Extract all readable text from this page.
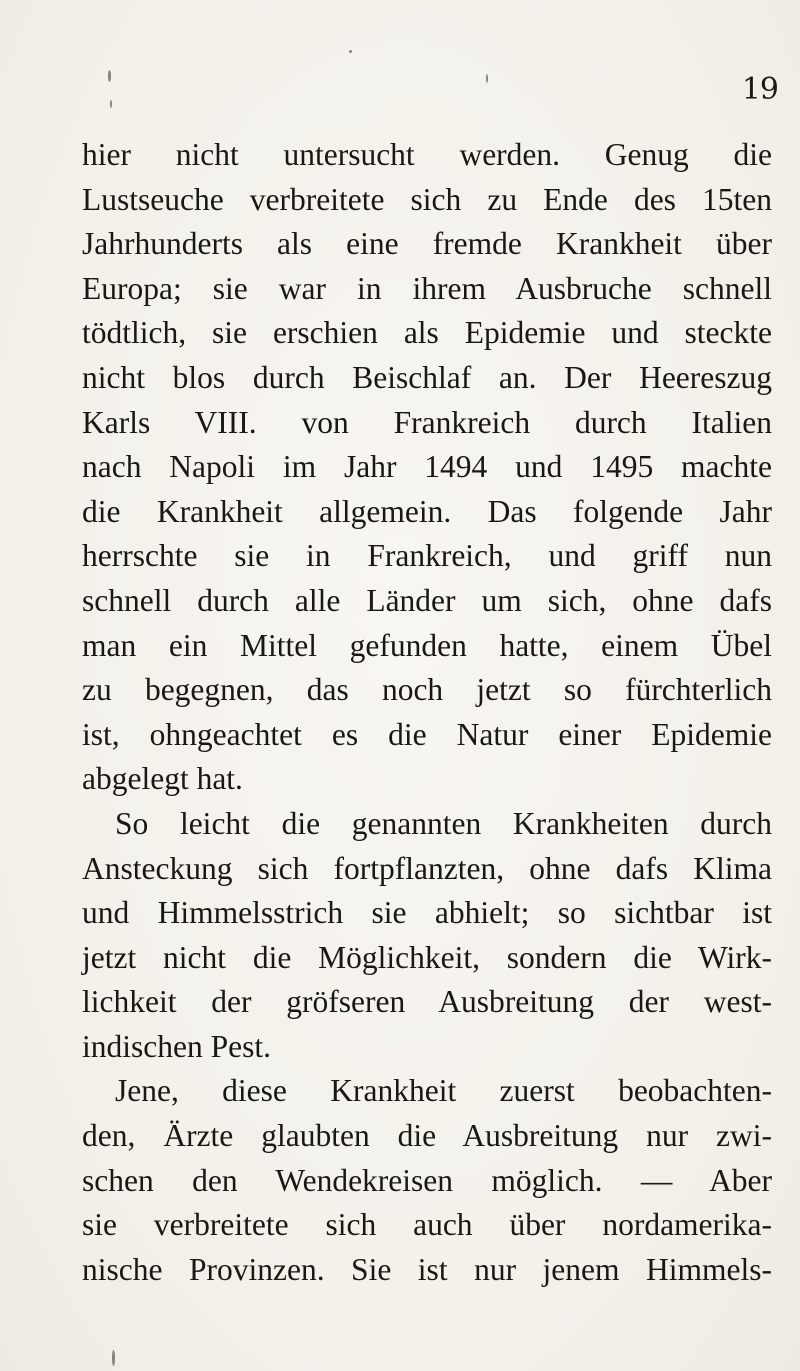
19
hier nicht untersucht werden. Genug die
Lustseuche verbreitete sich zu Ende des 15ten
Jahrhunderts als eine fremde Krankheit über
Europa; sie war in ihrem Ausbruche schnell
tödtlich, sie erschien als Epidemie und steckte
nicht blos durch Beischlaf an. Der Heereszug
Karls VIII. von Frankreich durch Italien
nach Napoli im Jahr 1494 und 1495 machte
die Krankheit allgemein. Das folgende Jahr
herrschte sie in Frankreich, und griff nun
schnell durch alle Länder um sich, ohne dafs
man ein Mittel gefunden hatte, einem Übel
zu begegnen, das noch jetzt so fürchterlich
ist, ohngeachtet es die Natur einer Epidemie
abgelegt hat.
So leicht die genannten Krankheiten durch
Ansteckung sich fortpflanzten, ohne dafs Klima
und Himmelsstrich sie abhielt; so sichtbar ist
jetzt nicht die Möglichkeit, sondern die Wirk-
lichkeit der gröfseren Ausbreitung der west-
indischen Pest.
Jene, diese Krankheit zuerst beobachten-
den, Ärzte glaubten die Ausbreitung nur zwi-
schen den Wendekreisen möglich. — Aber
sie verbreitete sich auch über nordamerika-
nische Provinzen. Sie ist nur jenem Himmels-
